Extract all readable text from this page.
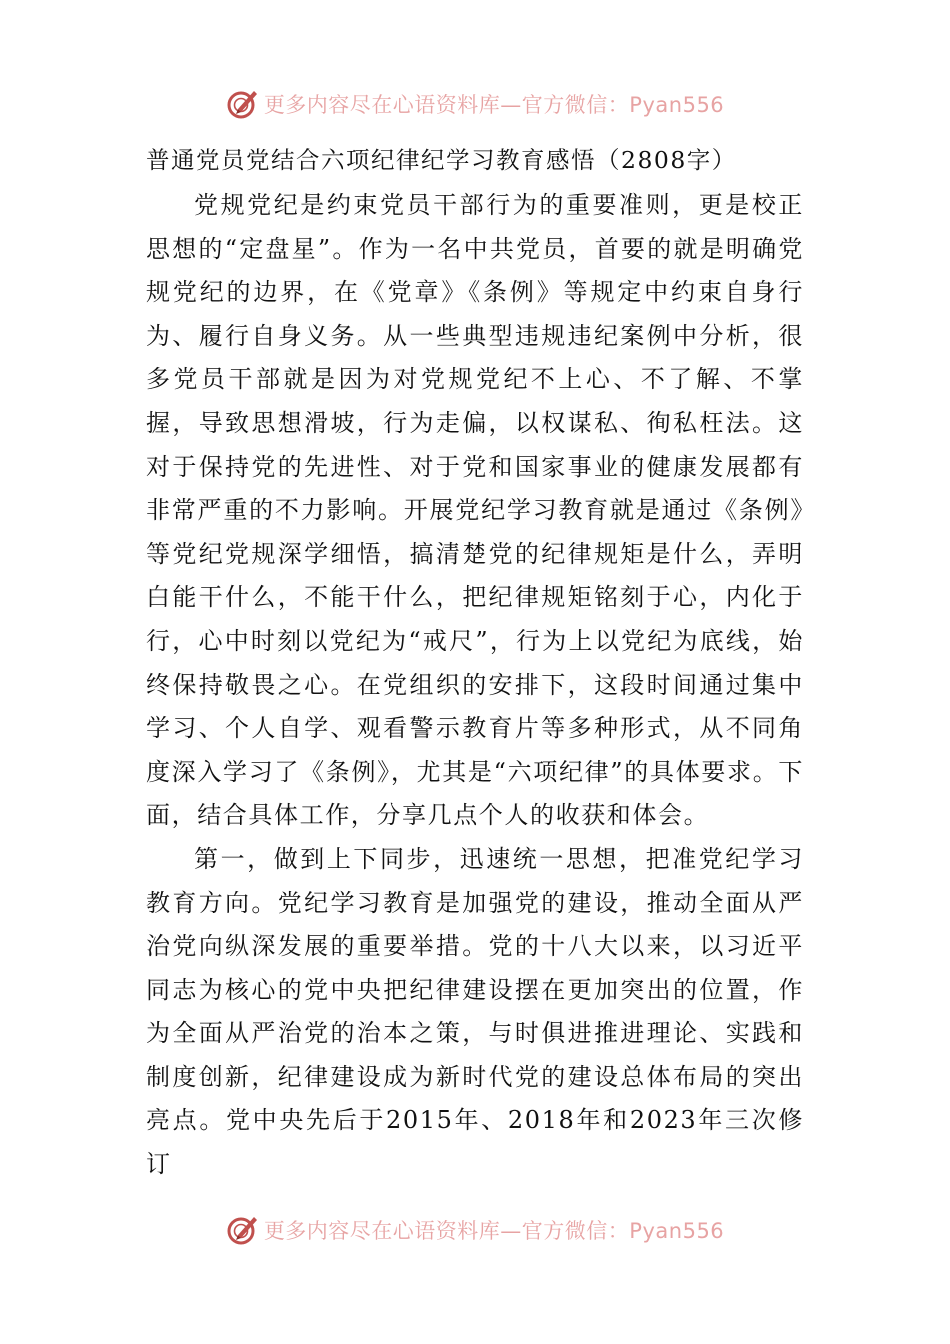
更多内容尽在心语资料库—官方微信：Pyan556
普通党员党结合六项纪律纪学习教育感悟（2808字）

党规党纪是约束党员干部行为的重要准则，更是校正思想的“定盘星”。作为一名中共党员，首要的就是明确党规党纪的边界，在《党章》《条例》等规定中约束自身行为、履行自身义务。从一些典型违规违纪案例中分析，很多党员干部就是因为对党规党纪不上心、不了解、不掌握，导致思想滑坡，行为走偏，以权谋私、徇私枉法。这对于保持党的先进性、对于党和国家事业的健康发展都有非常严重的不力影响。开展党纪学习教育就是通过《条例》等党纪党规深学细悟，搞清楚党的纪律规矩是什么，弄明白能干什么，不能干什么，把纪律规矩铭刻于心，内化于行，心中时刻以党纪为“戒尺”，行为上以党纪为底线，始终保持敬畏之心。在党组织的安排下，这段时间通过集中学习、个人自学、观看警示教育片等多种形式，从不同角度深入学习了《条例》，尤其是“六项纪律”的具体要求。下面，结合具体工作，分享几点个人的收获和体会。

第一，做到上下同步，迅速统一思想，把准党纪学习教育方向。党纪学习教育是加强党的建设，推动全面从严治党向纵深发展的重要举措。党的十八大以来，以习近平同志为核心的党中央把纪律建设摆在更加突出的位置，作为全面从严治党的治本之策，与时俱进推进理论、实践和制度创新，纪律建设成为新时代党的建设总体布局的突出亮点。党中央先后于2015年、2018年和2023年三次修订

更多内容尽在心语资料库—官方微信：Pyan556
